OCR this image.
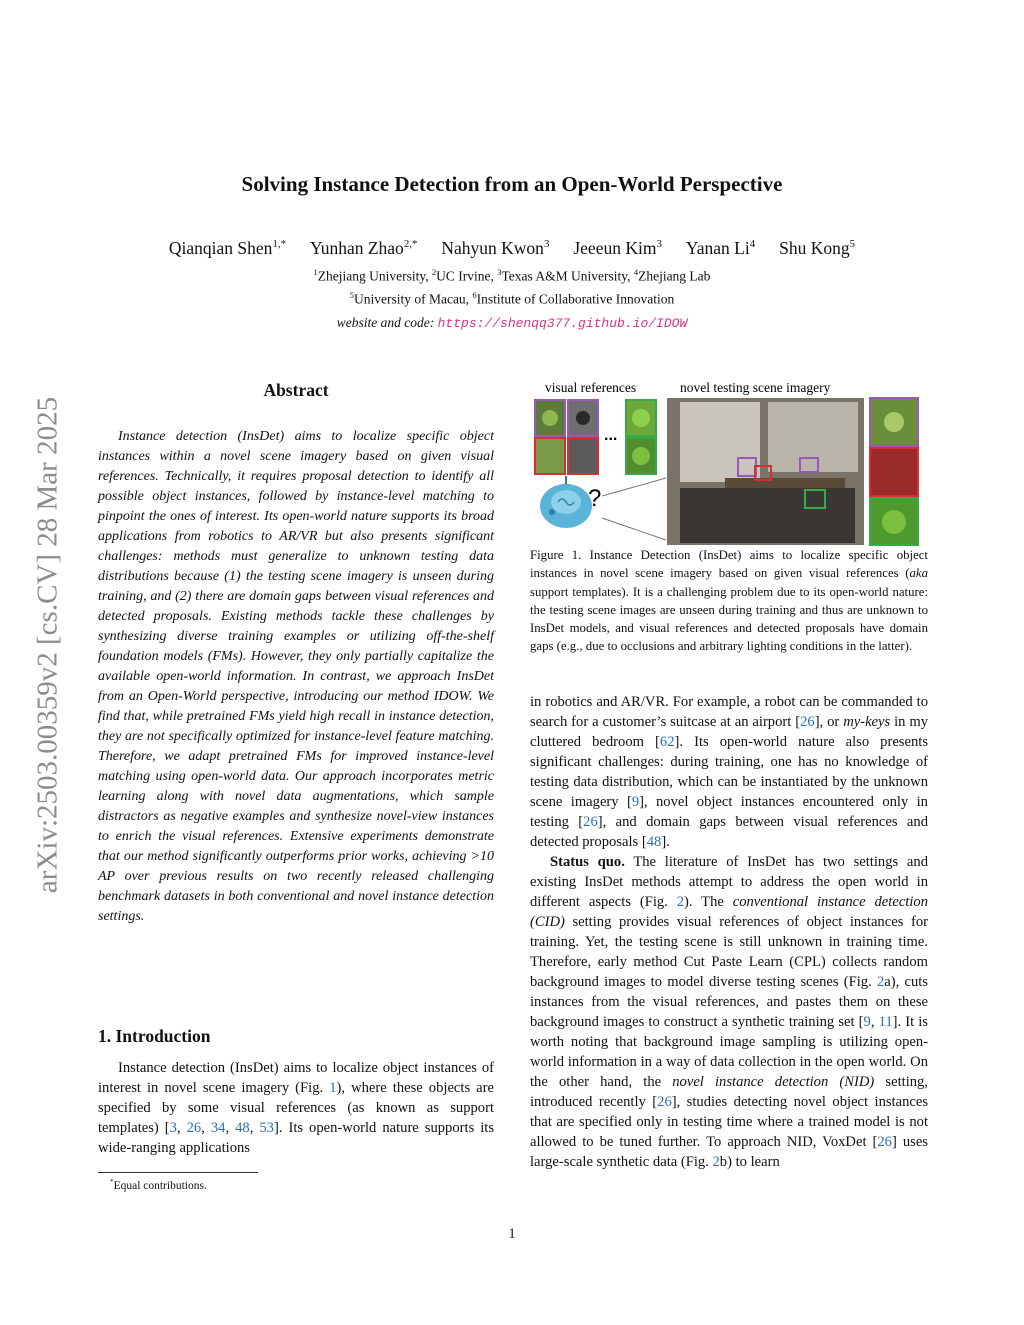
arXiv:2503.00359v2 [cs.CV] 28 Mar 2025
Solving Instance Detection from an Open-World Perspective
Qianqian Shen$^{1,*}$ Yunhan Zhao$^{2,*}$ Nahyun Kwon$^3$ Jeeeun Kim$^3$ Yanan Li$^4$ Shu Kong$^5$
$^1$Zhejiang University, $^2$UC Irvine, $^3$Texas A&M University, $^4$Zhejiang Lab
$^5$University of Macau, $^6$Institute of Collaborative Innovation
website and code: https://shenqq377.github.io/IDOW
Abstract
Instance detection (InsDet) aims to localize specific object instances within a novel scene imagery based on given visual references. Technically, it requires proposal detection to identify all possible object instances, followed by instance-level matching to pinpoint the ones of interest. Its open-world nature supports its broad applications from robotics to AR/VR but also presents significant challenges: methods must generalize to unknown testing data distributions because (1) the testing scene imagery is unseen during training, and (2) there are domain gaps between visual references and detected proposals. Existing methods tackle these challenges by synthesizing diverse training examples or utilizing off-the-shelf foundation models (FMs). However, they only partially capitalize the available open-world information. In contrast, we approach InsDet from an Open-World perspective, introducing our method IDOW. We find that, while pretrained FMs yield high recall in instance detection, they are not specifically optimized for instance-level feature matching. Therefore, we adapt pretrained FMs for improved instance-level matching using open-world data. Our approach incorporates metric learning along with novel data augmentations, which sample distractors as negative examples and synthesize novel-view instances to enrich the visual references. Extensive experiments demonstrate that our method significantly outperforms prior works, achieving >10 AP over previous results on two recently released challenging benchmark datasets in both conventional and novel instance detection settings.
1. Introduction
Instance detection (InsDet) aims to localize object instances of interest in novel scene imagery (Fig. 1), where these objects are specified by some visual references (as known as support templates) [3, 26, 34, 48, 53]. Its open-world nature supports its wide-ranging applications
*Equal contributions.
visual references	novel testing scene imagery
...
?
Figure 1. Instance Detection (InsDet) aims to localize specific object instances in novel scene imagery based on given visual references (aka support templates). It is a challenging problem due to its open-world nature: the testing scene images are unseen during training and thus are unknown to InsDet models, and visual references and detected proposals have domain gaps (e.g., due to occlusions and arbitrary lighting conditions in the latter).

in robotics and AR/VR. For example, a robot can be commanded to search for a customer’s suitcase at an airport [26], or my-keys in my cluttered bedroom [62]. Its open-world nature also presents significant challenges: during training, one has no knowledge of testing data distribution, which can be instantiated by the unknown scene imagery [9], novel object instances encountered only in testing [26], and domain gaps between visual references and detected proposals [48].

Status quo. The literature of InsDet has two settings and existing InsDet methods attempt to address the open world in different aspects (Fig. 2). The conventional instance detection (CID) setting provides visual references of object instances for training. Yet, the testing scene is still unknown in training time. Therefore, early method Cut Paste Learn (CPL) collects random background images to model diverse testing scenes (Fig. 2a), cuts instances from the visual references, and pastes them on these background images to construct a synthetic training set [9, 11]. It is worth noting that background image sampling is utilizing open-world information in a way of data collection in the open world. On the other hand, the novel instance detection (NID) setting, introduced recently [26], studies detecting novel object instances that are specified only in testing time where a trained model is not allowed to be tuned further. To approach NID, VoxDet [26] uses large-scale synthetic data (Fig. 2b) to learn

1
